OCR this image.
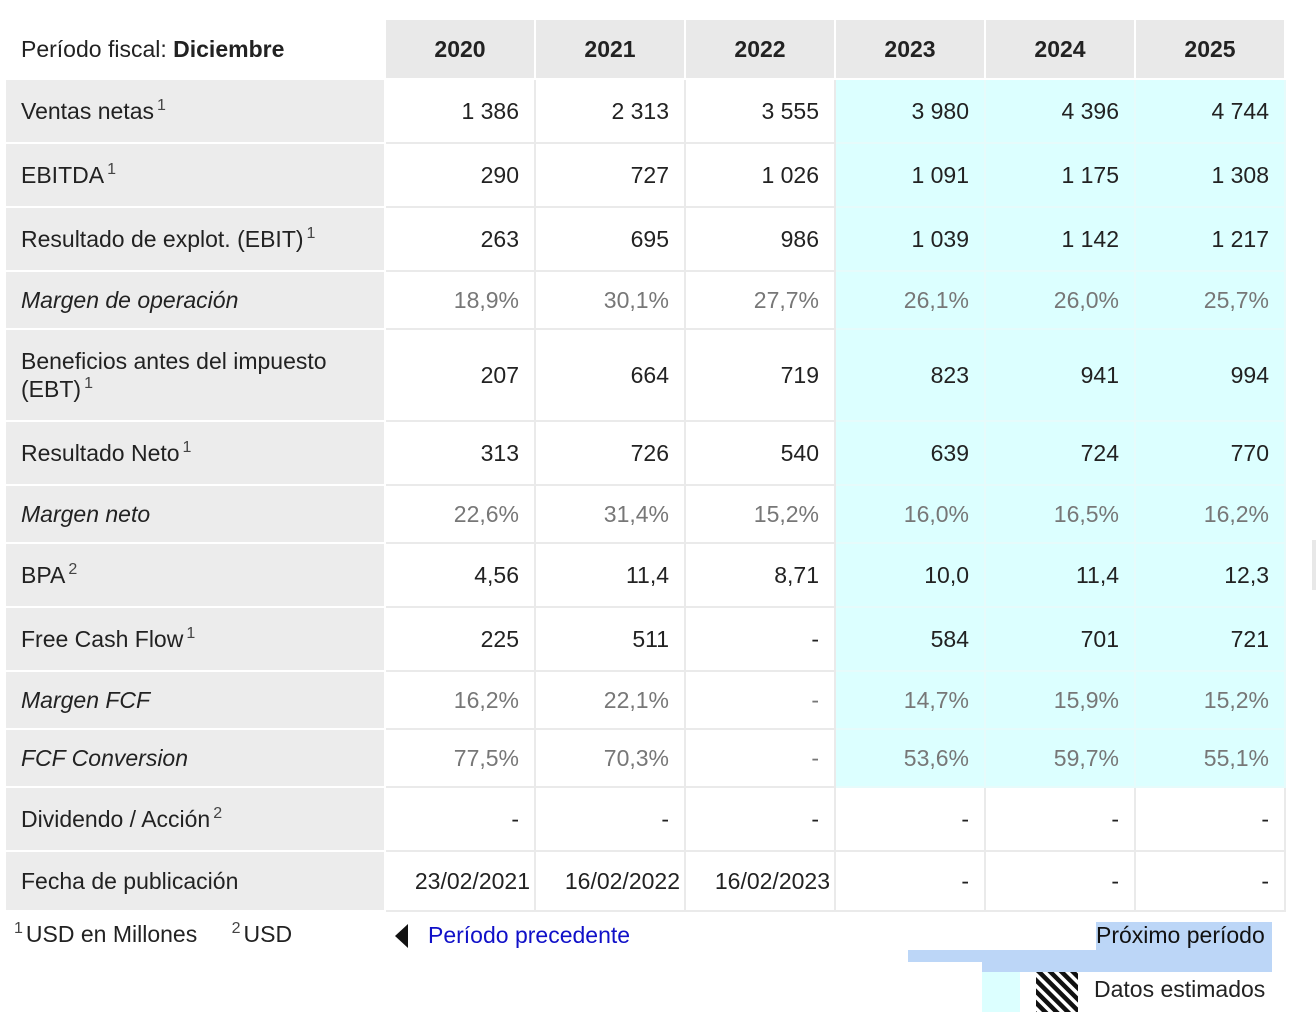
Período fiscal: Diciembre	2020	2021	2022	2023	2024	2025
Ventas netas $^1$	1 386	2 313	3 555	3 980	4 396	4 744
EBITDA $^1$	290	727	1 026	1 091	1 175	1 308
Resultado de explot. (EBIT) $^1$	263	695	986	1 039	1 142	1 217
Margen de operación	18,9%	30,1%	27,7%	26,1%	26,0%	25,7%
Beneficios antes del impuesto
(EBT) $^1$	207	664	719	823	941	994
Resultado Neto $^1$	313	726	540	639	724	770
Margen neto	22,6%	31,4%	15,2%	16,0%	16,5%	16,2%
BPA $^2$	4,56	11,4	8,71	10,0	11,4	12,3
Free Cash Flow $^1$	225	511	-	584	701	721
Margen FCF	16,2%	22,1%	-	14,7%	15,9%	15,2%
FCF Conversion	77,5%	70,3%	-	53,6%	59,7%	55,1%
Dividendo / Acción $^2$	-	-	-	-	-	-
Fecha de publicación	23/02/2021	16/02/2022	16/02/2023	-	-	-
$^1$ USD en Millones $^2$ USD	Período precedente	Próximo período
Datos estimados
